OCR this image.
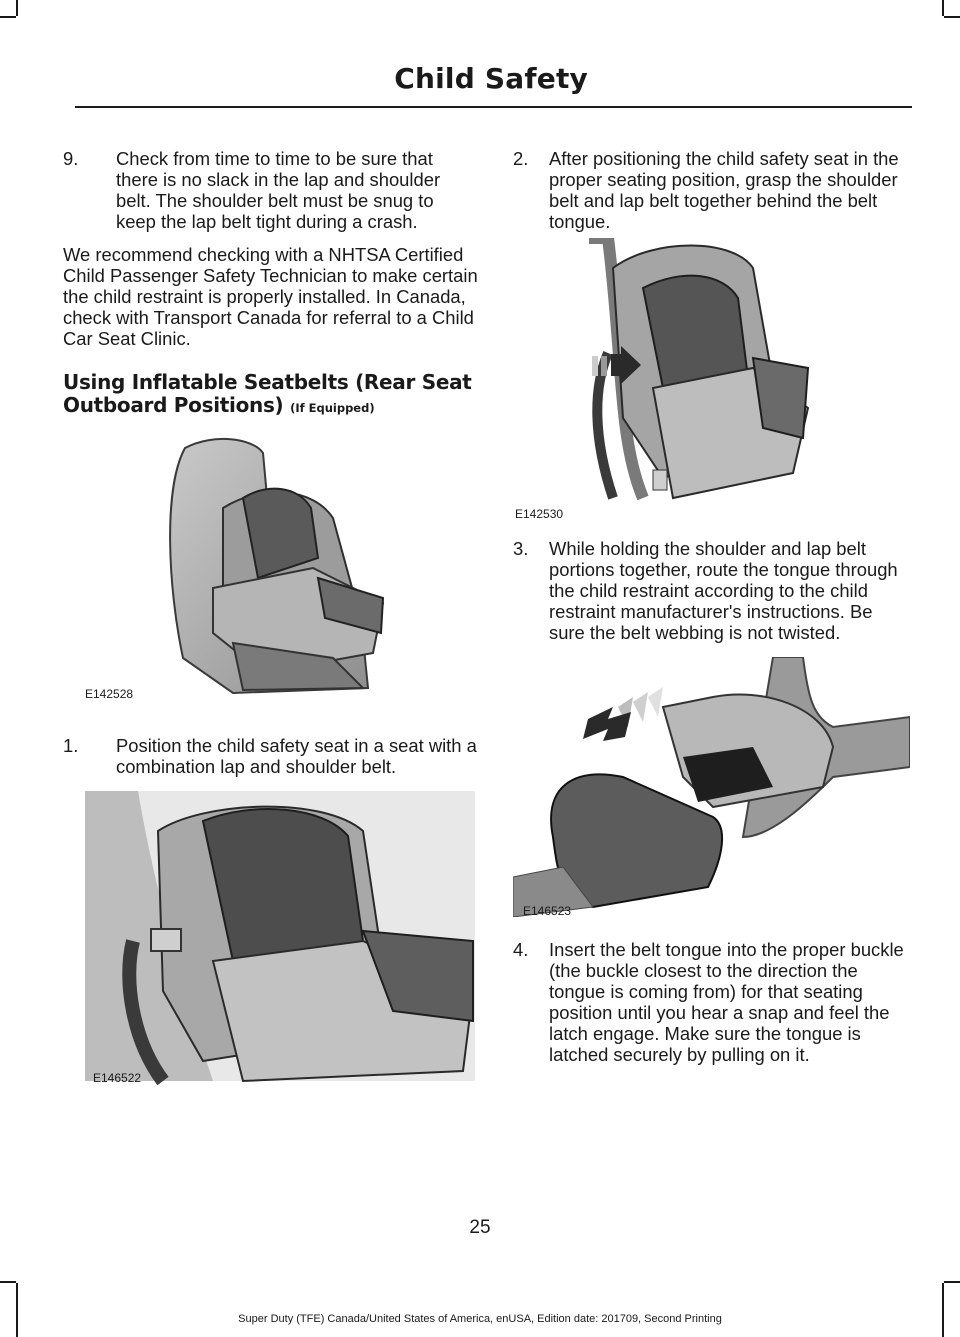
Child Safety
9.	Check from time to time to be sure that there is no slack in the lap and shoulder belt. The shoulder belt must be snug to keep the lap belt tight during a crash.

We recommend checking with a NHTSA Certified Child Passenger Safety Technician to make certain the child restraint is properly installed. In Canada, check with Transport Canada for referral to a Child Car Seat Clinic.

Using Inflatable Seatbelts (Rear Seat Outboard Positions) (If Equipped)
E142528
1.	Position the child safety seat in a seat with a combination lap and shoulder belt.
E146522
2.	After positioning the child safety seat in the proper seating position, grasp the shoulder belt and lap belt together behind the belt tongue.
E142530
3.	While holding the shoulder and lap belt portions together, route the tongue through the child restraint according to the child restraint manufacturer's instructions. Be sure the belt webbing is not twisted.
E146523
4.	Insert the belt tongue into the proper buckle (the buckle closest to the direction the tongue is coming from) for that seating position until you hear a snap and feel the latch engage. Make sure the tongue is latched securely by pulling on it.
25
Super Duty (TFE) Canada/United States of America, enUSA, Edition date: 201709, Second Printing
